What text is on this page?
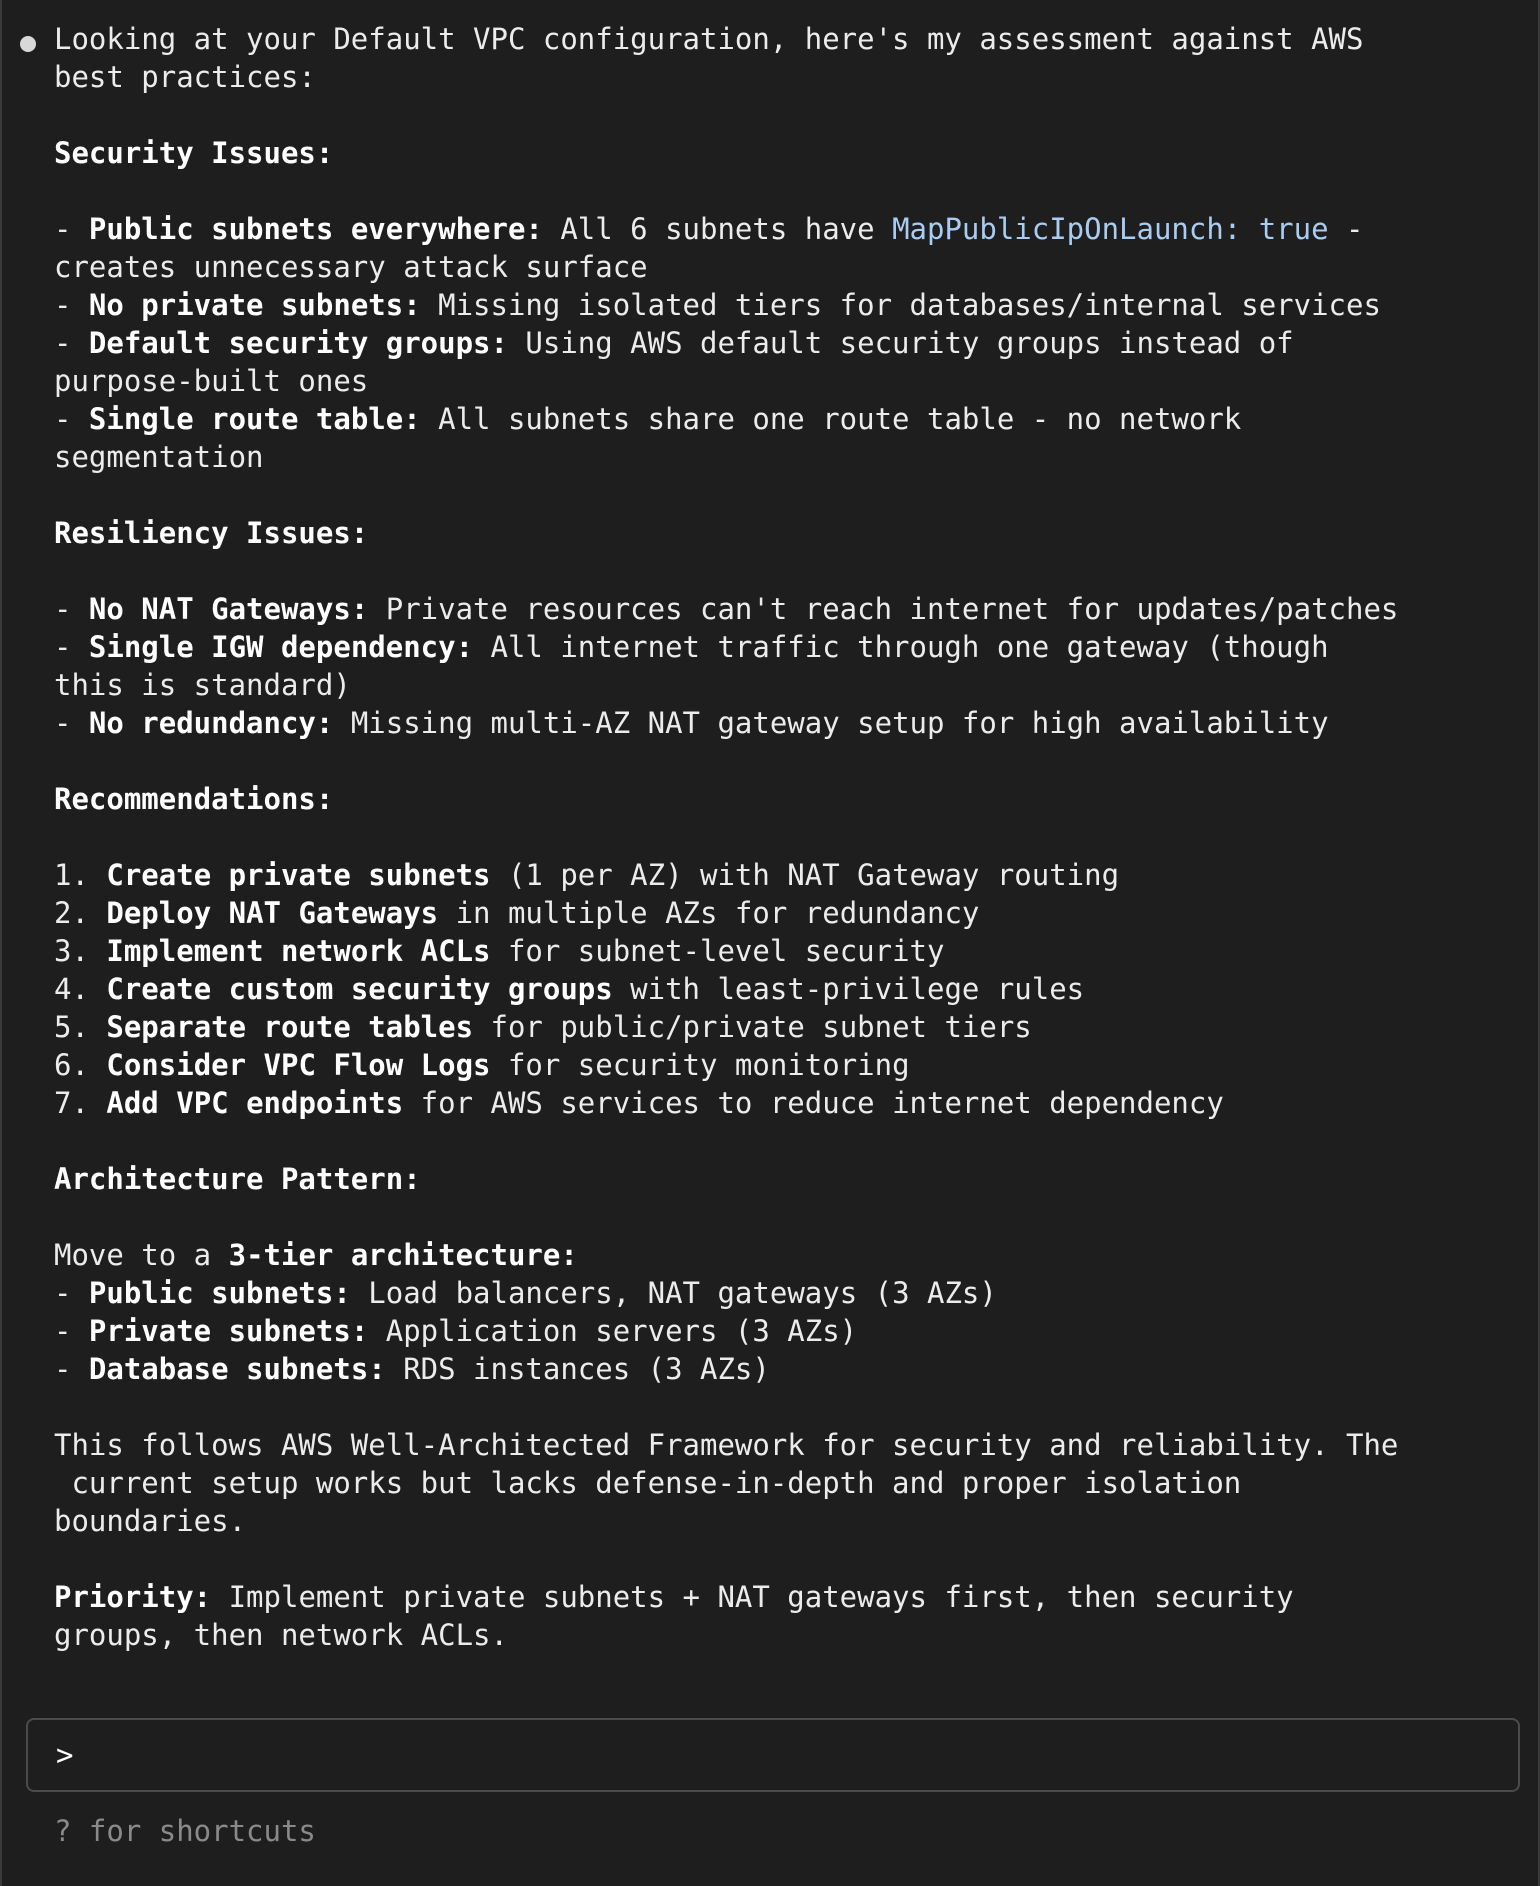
Looking at your Default VPC configuration, here's my assessment against AWS
best practices:
Security Issues:
- Public subnets everywhere: All 6 subnets have MapPublicIpOnLaunch: true -
creates unnecessary attack surface
- No private subnets: Missing isolated tiers for databases/internal services
- Default security groups: Using AWS default security groups instead of
purpose-built ones
- Single route table: All subnets share one route table - no network
segmentation
Resiliency Issues:
- No NAT Gateways: Private resources can't reach internet for updates/patches
- Single IGW dependency: All internet traffic through one gateway (though
this is standard)
- No redundancy: Missing multi-AZ NAT gateway setup for high availability
Recommendations:
1. Create private subnets (1 per AZ) with NAT Gateway routing
2. Deploy NAT Gateways in multiple AZs for redundancy
3. Implement network ACLs for subnet-level security
4. Create custom security groups with least-privilege rules
5. Separate route tables for public/private subnet tiers
6. Consider VPC Flow Logs for security monitoring
7. Add VPC endpoints for AWS services to reduce internet dependency
Architecture Pattern:
Move to a 3-tier architecture:
- Public subnets: Load balancers, NAT gateways (3 AZs)
- Private subnets: Application servers (3 AZs)
- Database subnets: RDS instances (3 AZs)
This follows AWS Well-Architected Framework for security and reliability. The
current setup works but lacks defense-in-depth and proper isolation
boundaries.
Priority: Implement private subnets + NAT gateways first, then security
groups, then network ACLs.
>
? for shortcuts
